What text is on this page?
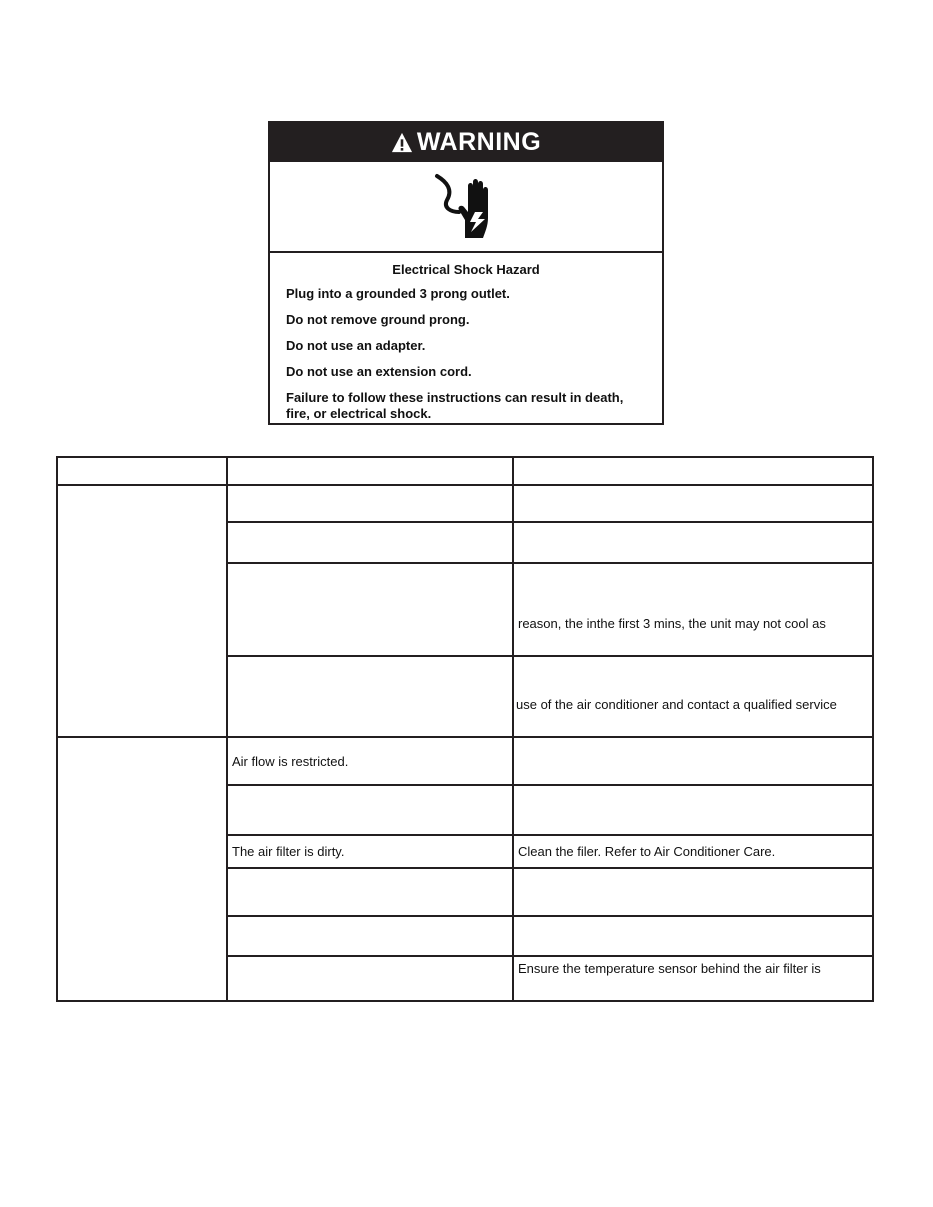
WARNING
Electrical Shock Hazard

Plug into a grounded 3 prong outlet.

Do not remove ground prong.

Do not use an adapter.

Do not use an extension cord.

Failure to follow these instructions can result in death, fire, or electrical shock.

		reason, the inthe first 3 mins, the unit may not cool as

		use of the air conditioner and contact a qualified service

	Air flow is restricted.	

	The air filter is dirty.	Clean the filer. Refer to Air Conditioner Care.

		Ensure the temperature sensor behind the air filter is
